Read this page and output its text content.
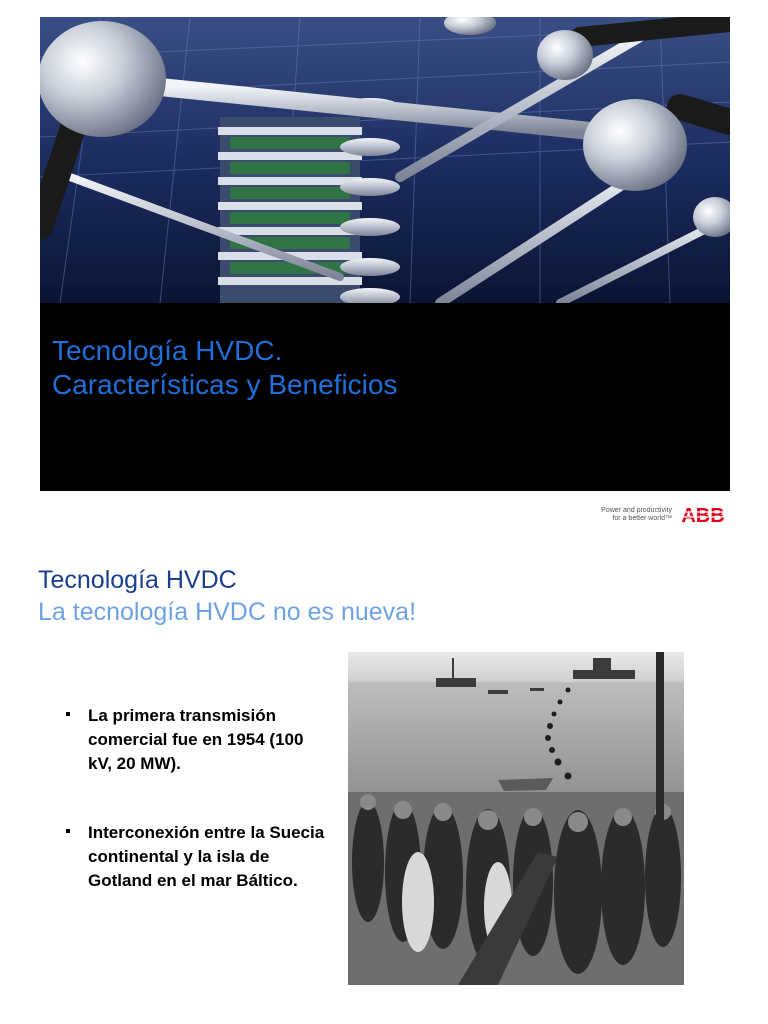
Tecnología HVDC.
Características y Beneficios
Power and productivity
for a better world™ ABB
Tecnología HVDC
La tecnología HVDC no es nueva!
La primera transmisión comercial fue en 1954 (100 kV, 20 MW).
Interconexión entre la Suecia continental y la isla de Gotland en el mar Báltico.
